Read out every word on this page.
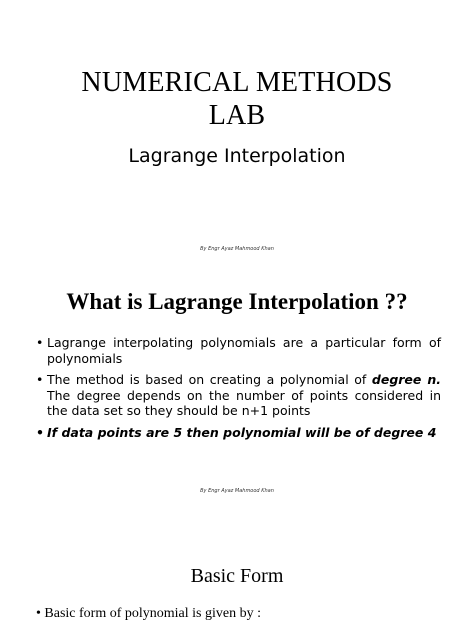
NUMERICAL METHODS
LAB
Lagrange Interpolation
By Engr Ayaz Mahmood Khan
What is Lagrange Interpolation ??
• Lagrange interpolating polynomials are a particular form of polynomials
• The method is based on creating a polynomial of degree n. The degree depends on the number of points considered in the data set so they should be n+1 points
• If data points are 5 then polynomial will be of degree 4
By Engr Ayaz Mahmood Khan
Basic Form
• Basic form of polynomial is given by :
